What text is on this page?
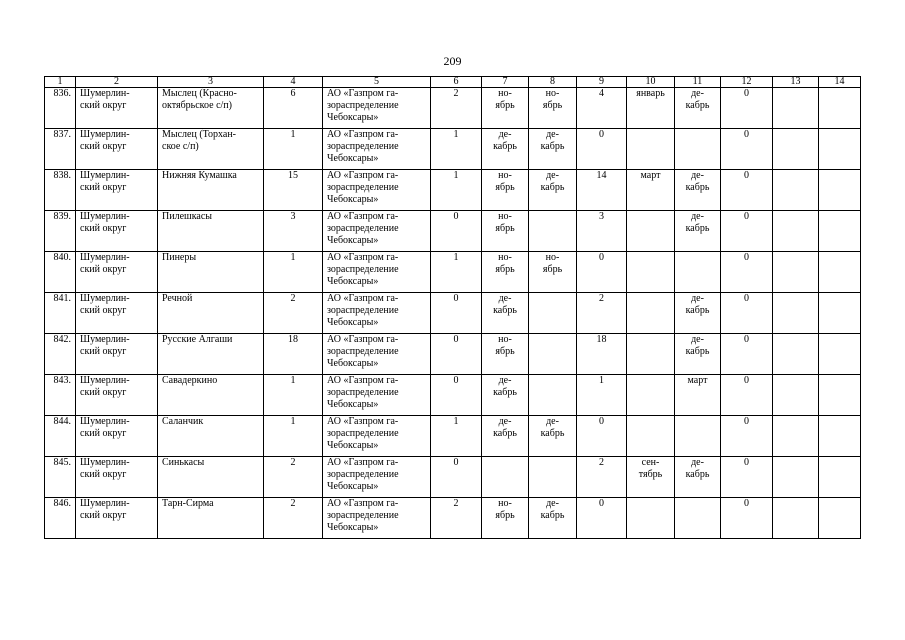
209
1	2	3	4	5	6	7	8	9	10	11	12	13	14
836.	Шумерлин-
ский округ	Мыслец (Красно-
октябрьское с/п)	6	АО «Газпром га-
зораспределение
Чебоксары»	2	но-
ябрь	но-
ябрь	4	январь	де-
кабрь	0		
837.	Шумерлин-
ский округ	Мыслец (Торхан-
ское с/п)	1	АО «Газпром га-
зораспределение
Чебоксары»	1	де-
кабрь	де-
кабрь	0			0		
838.	Шумерлин-
ский округ	Нижняя Кумашка	15	АО «Газпром га-
зораспределение
Чебоксары»	1	но-
ябрь	де-
кабрь	14	март	де-
кабрь	0		
839.	Шумерлин-
ский округ	Пилешкасы	3	АО «Газпром га-
зораспределение
Чебоксары»	0	но-
ябрь		3		де-
кабрь	0		
840.	Шумерлин-
ский округ	Пинеры	1	АО «Газпром га-
зораспределение
Чебоксары»	1	но-
ябрь	но-
ябрь	0			0		
841.	Шумерлин-
ский округ	Речной	2	АО «Газпром га-
зораспределение
Чебоксары»	0	де-
кабрь		2		де-
кабрь	0		
842.	Шумерлин-
ский округ	Русские Алгаши	18	АО «Газпром га-
зораспределение
Чебоксары»	0	но-
ябрь		18		де-
кабрь	0		
843.	Шумерлин-
ский округ	Савадеркино	1	АО «Газпром га-
зораспределение
Чебоксары»	0	де-
кабрь		1		март	0		
844.	Шумерлин-
ский округ	Саланчик	1	АО «Газпром га-
зораспределение
Чебоксары»	1	де-
кабрь	де-
кабрь	0			0		
845.	Шумерлин-
ский округ	Синькасы	2	АО «Газпром га-
зораспределение
Чебоксары»	0			2	сен-
тябрь	де-
кабрь	0		
846.	Шумерлин-
ский округ	Тарн-Сирма	2	АО «Газпром га-
зораспределение
Чебоксары»	2	но-
ябрь	де-
кабрь	0			0		
